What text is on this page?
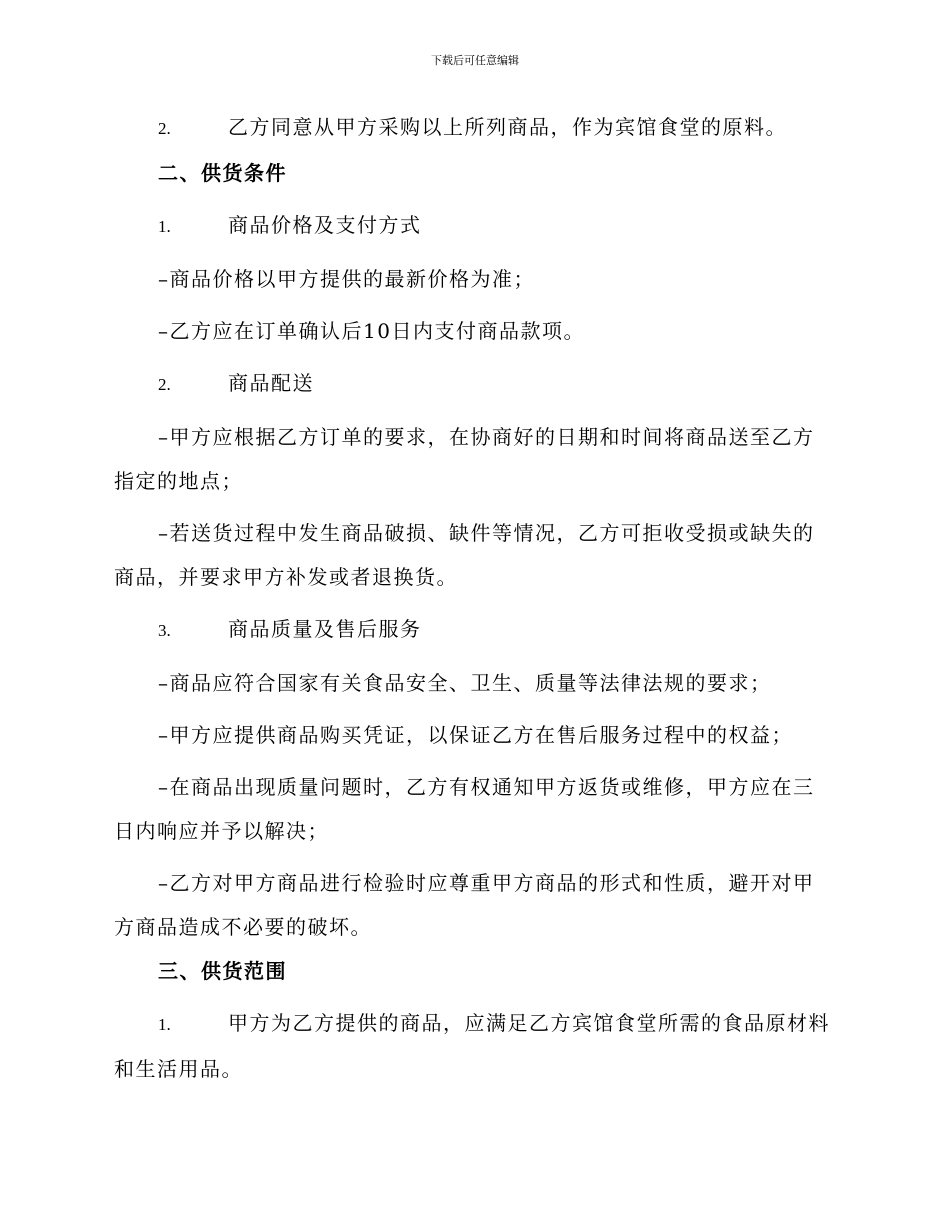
下载后可任意编辑

2.	乙方同意从甲方采购以上所列商品，作为宾馆食堂的原料。

二、供货条件

1.	商品价格及支付方式

–商品价格以甲方提供的最新价格为准；

–乙方应在订单确认后10日内支付商品款项。

2.	商品配送

–甲方应根据乙方订单的要求，在协商好的日期和时间将商品送至乙方

指定的地点；

–若送货过程中发生商品破损、缺件等情况，乙方可拒收受损或缺失的

商品，并要求甲方补发或者退换货。

3.	商品质量及售后服务

–商品应符合国家有关食品安全、卫生、质量等法律法规的要求；

–甲方应提供商品购买凭证，以保证乙方在售后服务过程中的权益；

–在商品出现质量问题时，乙方有权通知甲方返货或维修，甲方应在三

日内响应并予以解决；

–乙方对甲方商品进行检验时应尊重甲方商品的形式和性质，避开对甲

方商品造成不必要的破坏。

三、供货范围

1.	甲方为乙方提供的商品，应满足乙方宾馆食堂所需的食品原材料

和生活用品。
